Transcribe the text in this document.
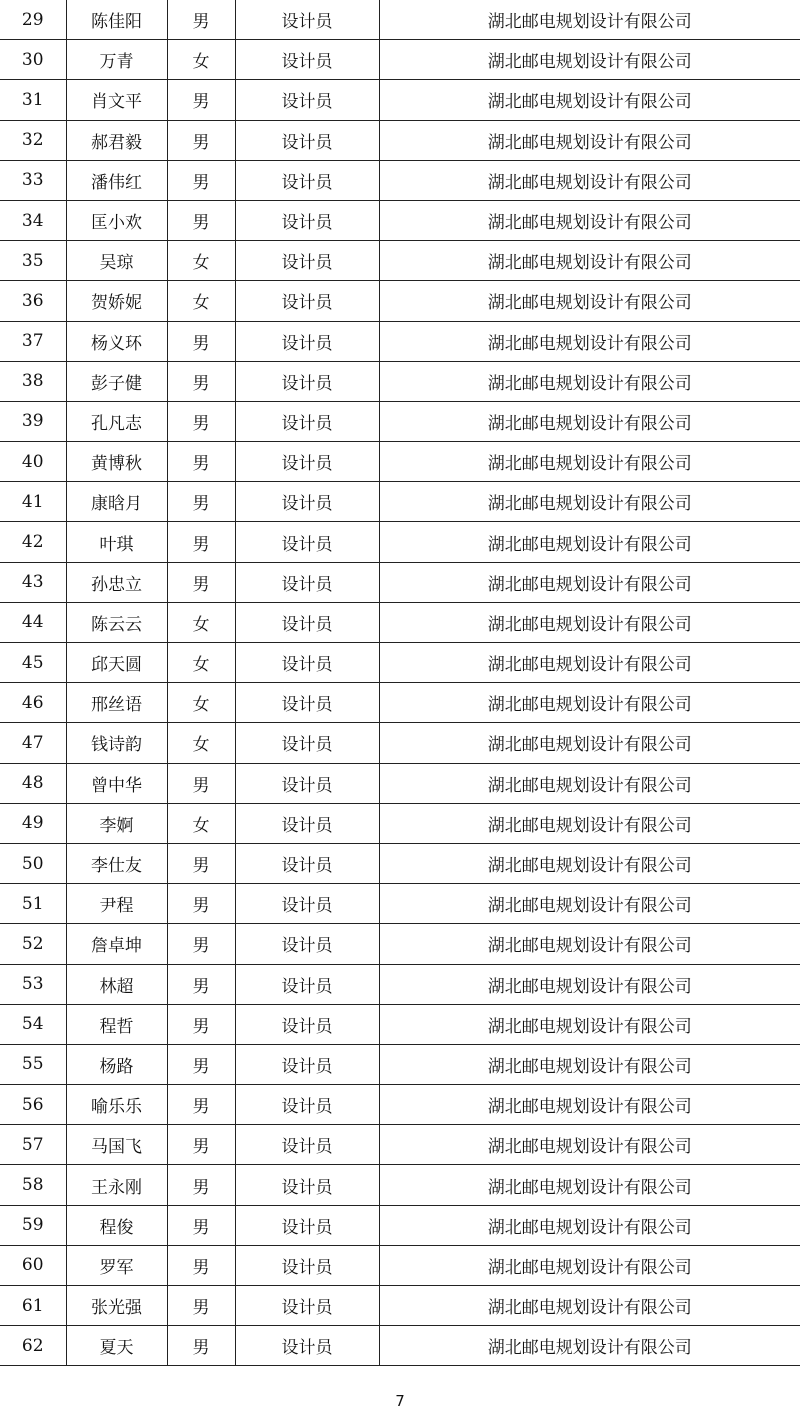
29	陈佳阳	男	设计员	湖北邮电规划设计有限公司
30	万青	女	设计员	湖北邮电规划设计有限公司
31	肖文平	男	设计员	湖北邮电规划设计有限公司
32	郝君毅	男	设计员	湖北邮电规划设计有限公司
33	潘伟红	男	设计员	湖北邮电规划设计有限公司
34	匡小欢	男	设计员	湖北邮电规划设计有限公司
35	吴琼	女	设计员	湖北邮电规划设计有限公司
36	贺娇妮	女	设计员	湖北邮电规划设计有限公司
37	杨义环	男	设计员	湖北邮电规划设计有限公司
38	彭子健	男	设计员	湖北邮电规划设计有限公司
39	孔凡志	男	设计员	湖北邮电规划设计有限公司
40	黄博秋	男	设计员	湖北邮电规划设计有限公司
41	康晗月	男	设计员	湖北邮电规划设计有限公司
42	叶琪	男	设计员	湖北邮电规划设计有限公司
43	孙忠立	男	设计员	湖北邮电规划设计有限公司
44	陈云云	女	设计员	湖北邮电规划设计有限公司
45	邱天圆	女	设计员	湖北邮电规划设计有限公司
46	邢丝语	女	设计员	湖北邮电规划设计有限公司
47	钱诗韵	女	设计员	湖北邮电规划设计有限公司
48	曾中华	男	设计员	湖北邮电规划设计有限公司
49	李婀	女	设计员	湖北邮电规划设计有限公司
50	李仕友	男	设计员	湖北邮电规划设计有限公司
51	尹程	男	设计员	湖北邮电规划设计有限公司
52	詹卓坤	男	设计员	湖北邮电规划设计有限公司
53	林超	男	设计员	湖北邮电规划设计有限公司
54	程哲	男	设计员	湖北邮电规划设计有限公司
55	杨路	男	设计员	湖北邮电规划设计有限公司
56	喻乐乐	男	设计员	湖北邮电规划设计有限公司
57	马国飞	男	设计员	湖北邮电规划设计有限公司
58	王永刚	男	设计员	湖北邮电规划设计有限公司
59	程俊	男	设计员	湖北邮电规划设计有限公司
60	罗军	男	设计员	湖北邮电规划设计有限公司
61	张光强	男	设计员	湖北邮电规划设计有限公司
62	夏天	男	设计员	湖北邮电规划设计有限公司
7
